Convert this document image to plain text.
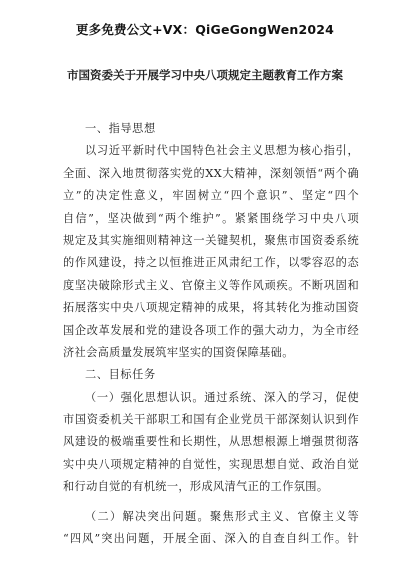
更多免费公文+VX：QiGeGongWen2024
市国资委关于开展学习中央八项规定主题教育工作方案
一、指导思想
以习近平新时代中国特色社会主义思想为核心指引，
全面、深入地贯彻落实党的XX大精神，深刻领悟“两个确
立”的决定性意义，牢固树立“四个意识”、坚定“四个
自信”，坚决做到“两个维护”。紧紧围绕学习中央八项
规定及其实施细则精神这一关键契机，聚焦市国资委系统
的作风建设，持之以恒推进正风肃纪工作，以零容忍的态
度坚决破除形式主义、官僚主义等作风顽疾。不断巩固和
拓展落实中央八项规定精神的成果，将其转化为推动国资
国企改革发展和党的建设各项工作的强大动力，为全市经
济社会高质量发展筑牢坚实的国资保障基础。
二、目标任务
（一）强化思想认识。通过系统、深入的学习，促使
市国资委机关干部职工和国有企业党员干部深刻认识到作
风建设的极端重要性和长期性，从思想根源上增强贯彻落
实中央八项规定精神的自觉性，实现思想自觉、政治自觉
和行动自觉的有机统一，形成风清气正的工作氛围。
（二）解决突出问题。聚焦形式主义、官僚主义等
“四风”突出问题，开展全面、深入的自查自纠工作。针
